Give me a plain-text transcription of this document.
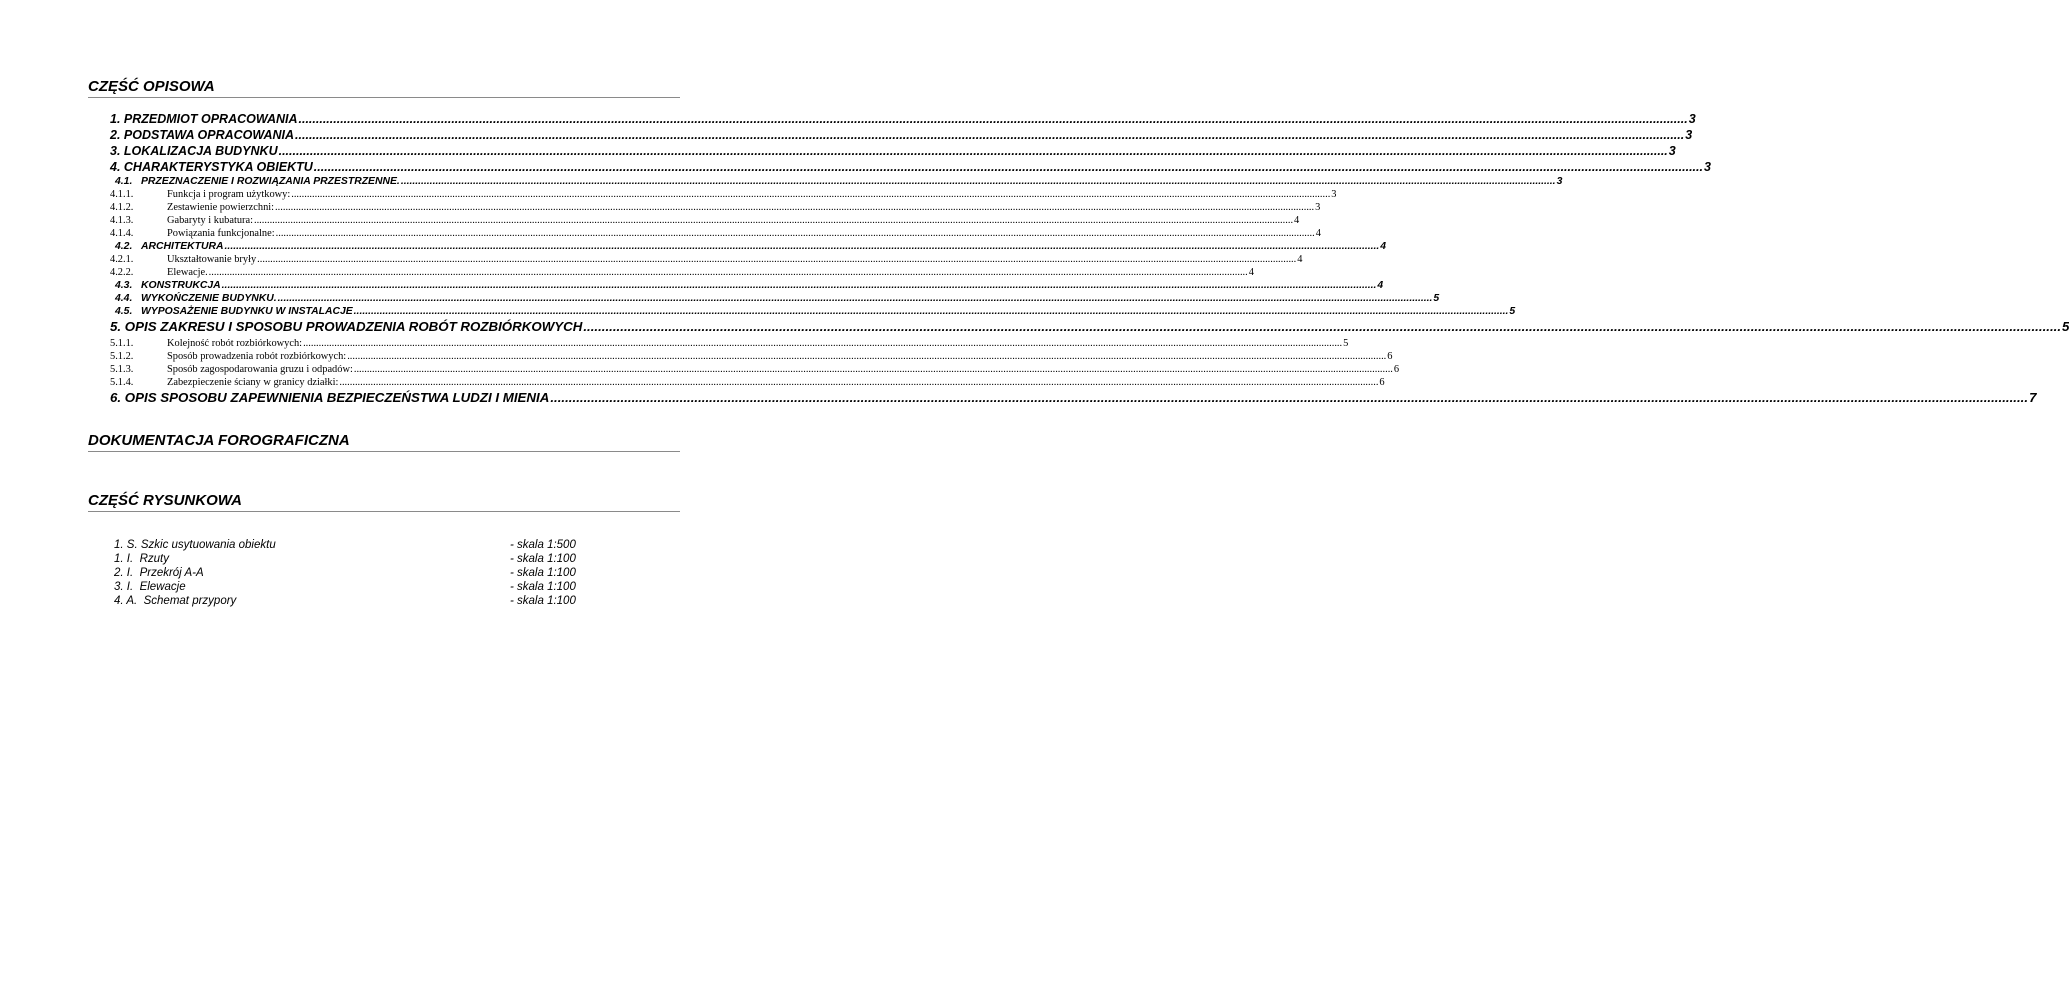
CZĘŚĆ OPISOWA
1. PRZEDMIOT OPRACOWANIA ................................................................................................................................................................................................................................................................................................................................................................................................................ 3
2. PODSTAWA OPRACOWANIA ................................................................................................................................................................................................................................................................................................................................................................................................................ 3
3. LOKALIZACJA BUDYNKU ................................................................................................................................................................................................................................................................................................................................................................................................................ 3
4. CHARAKTERYSTYKA OBIEKTU ................................................................................................................................................................................................................................................................................................................................................................................................................ 3
4.1. PRZEZNACZENIE I ROZWIĄZANIA PRZESTRZENNE. ................................................................................................................................................................................................................................................................................................................................................................................................................ 3
4.1.1.	Funkcja i program użytkowy: ................................................................................................................................................................................................................................................................................................................................................................................................................ 3
4.1.2.	Zestawienie powierzchni: ................................................................................................................................................................................................................................................................................................................................................................................................................ 3
4.1.3.	Gabaryty i kubatura: ................................................................................................................................................................................................................................................................................................................................................................................................................ 4
4.1.4.	Powiązania funkcjonalne: ................................................................................................................................................................................................................................................................................................................................................................................................................ 4
4.2. ARCHITEKTURA ................................................................................................................................................................................................................................................................................................................................................................................................................ 4
4.2.1.	Ukształtowanie bryły ................................................................................................................................................................................................................................................................................................................................................................................................................ 4
4.2.2.	Elewacje. ................................................................................................................................................................................................................................................................................................................................................................................................................ 4
4.3. KONSTRUKCJA ................................................................................................................................................................................................................................................................................................................................................................................................................ 4
4.4. WYKOŃCZENIE BUDYNKU. ................................................................................................................................................................................................................................................................................................................................................................................................................ 5
4.5. WYPOSAŻENIE BUDYNKU W INSTALACJE ................................................................................................................................................................................................................................................................................................................................................................................................................ 5
5. OPIS ZAKRESU I SPOSOBU PROWADZENIA ROBÓT ROZBIÓRKOWYCH ................................................................................................................................................................................................................................................................................................................................................................................................................ 5
5.1.1.	Kolejność robót rozbiórkowych: ................................................................................................................................................................................................................................................................................................................................................................................................................ 5
5.1.2.	Sposób prowadzenia robót rozbiórkowych: ................................................................................................................................................................................................................................................................................................................................................................................................................ 6
5.1.3.	Sposób zagospodarowania gruzu i odpadów: ................................................................................................................................................................................................................................................................................................................................................................................................................ 6
5.1.4.	Zabezpieczenie ściany w granicy działki: ................................................................................................................................................................................................................................................................................................................................................................................................................ 6
6. OPIS SPOSOBU ZAPEWNIENIA BEZPIECZEŃSTWA LUDZI I MIENIA ................................................................................................................................................................................................................................................................................................................................................................................................................ 7
DOKUMENTACJA FOROGRAFICZNA
CZĘŚĆ RYSUNKOWA
1. S. Szkic usytuowania obiektu	- skala 1:500
1. I.  Rzuty	- skala 1:100
2. I.  Przekrój A-A	- skala 1:100
3. I.  Elewacje	- skala 1:100
4. A.  Schemat przypory	- skala 1:100
